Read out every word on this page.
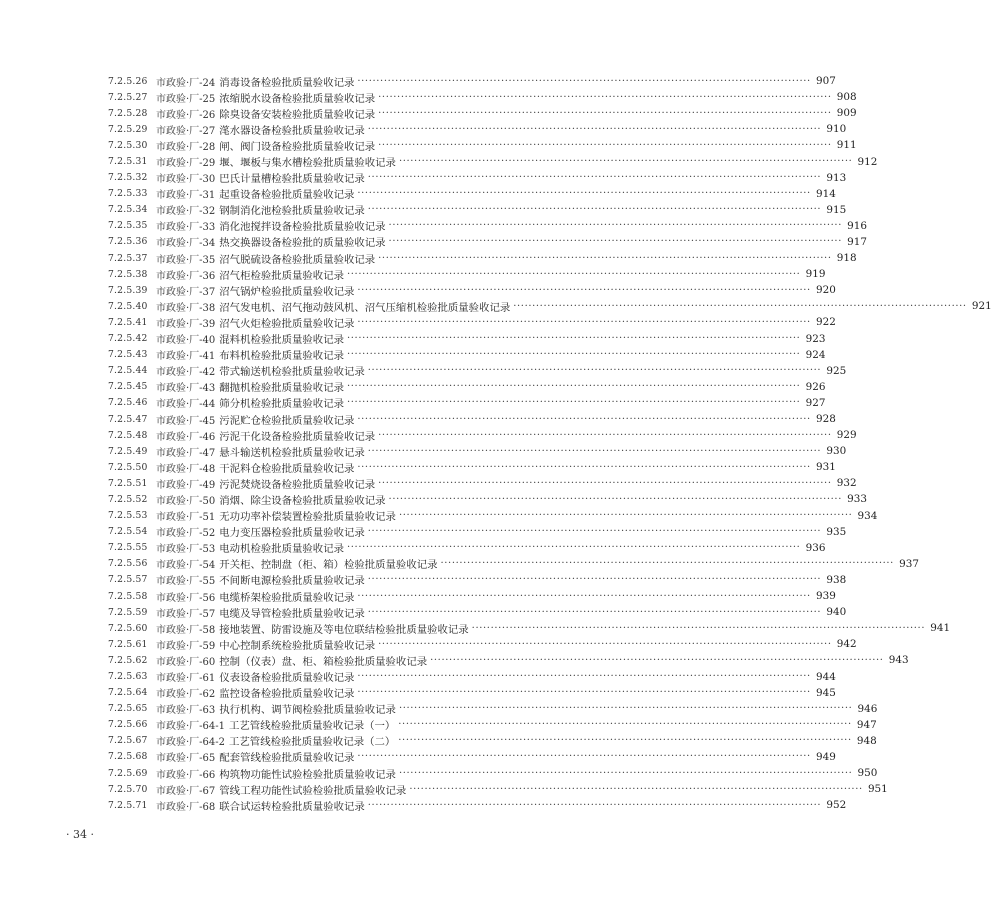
7.2.5.26 市政验·厂-24 消毒设备检验批质量验收记录 ························································································································ 907
7.2.5.27 市政验·厂-25 浓缩脱水设备检验批质量验收记录 ························································································································ 908
7.2.5.28 市政验·厂-26 除臭设备安装检验批质量验收记录 ························································································································ 909
7.2.5.29 市政验·厂-27 滗水器设备检验批质量验收记录 ························································································································ 910
7.2.5.30 市政验·厂-28 闸、阀门设备检验批质量验收记录 ························································································································ 911
7.2.5.31 市政验·厂-29 堰、堰板与集水槽检验批质量验收记录 ························································································································ 912
7.2.5.32 市政验·厂-30 巴氏计量槽检验批质量验收记录 ························································································································ 913
7.2.5.33 市政验·厂-31 起重设备检验批质量验收记录 ························································································································ 914
7.2.5.34 市政验·厂-32 钢制消化池检验批质量验收记录 ························································································································ 915
7.2.5.35 市政验·厂-33 消化池搅拌设备检验批质量验收记录 ························································································································ 916
7.2.5.36 市政验·厂-34 热交换器设备检验批的质量验收记录 ························································································································ 917
7.2.5.37 市政验·厂-35 沼气脱硫设备检验批质量验收记录 ························································································································ 918
7.2.5.38 市政验·厂-36 沼气柜检验批质量验收记录 ························································································································ 919
7.2.5.39 市政验·厂-37 沼气锅炉检验批质量验收记录 ························································································································ 920
7.2.5.40 市政验·厂-38 沼气发电机、沼气拖动鼓风机、沼气压缩机检验批质量验收记录 ························································································································ 921
7.2.5.41 市政验·厂-39 沼气火炬检验批质量验收记录 ························································································································ 922
7.2.5.42 市政验·厂-40 混料机检验批质量验收记录 ························································································································ 923
7.2.5.43 市政验·厂-41 布料机检验批质量验收记录 ························································································································ 924
7.2.5.44 市政验·厂-42 带式输送机检验批质量验收记录 ························································································································ 925
7.2.5.45 市政验·厂-43 翻抛机检验批质量验收记录 ························································································································ 926
7.2.5.46 市政验·厂-44 筛分机检验批质量验收记录 ························································································································ 927
7.2.5.47 市政验·厂-45 污泥贮仓检验批质量验收记录 ························································································································ 928
7.2.5.48 市政验·厂-46 污泥干化设备检验批质量验收记录 ························································································································ 929
7.2.5.49 市政验·厂-47 悬斗输送机检验批质量验收记录 ························································································································ 930
7.2.5.50 市政验·厂-48 干泥料仓检验批质量验收记录 ························································································································ 931
7.2.5.51 市政验·厂-49 污泥焚烧设备检验批质量验收记录 ························································································································ 932
7.2.5.52 市政验·厂-50 消烟、除尘设备检验批质量验收记录 ························································································································ 933
7.2.5.53 市政验·厂-51 无功功率补偿装置检验批质量验收记录 ························································································································ 934
7.2.5.54 市政验·厂-52 电力变压器检验批质量验收记录 ························································································································ 935
7.2.5.55 市政验·厂-53 电动机检验批质量验收记录 ························································································································ 936
7.2.5.56 市政验·厂-54 开关柜、控制盘（柜、箱）检验批质量验收记录 ························································································································ 937
7.2.5.57 市政验·厂-55 不间断电源检验批质量验收记录 ························································································································ 938
7.2.5.58 市政验·厂-56 电缆桥架检验批质量验收记录 ························································································································ 939
7.2.5.59 市政验·厂-57 电缆及导管检验批质量验收记录 ························································································································ 940
7.2.5.60 市政验·厂-58 接地装置、防雷设施及等电位联结检验批质量验收记录 ························································································································ 941
7.2.5.61 市政验·厂-59 中心控制系统检验批质量验收记录 ························································································································ 942
7.2.5.62 市政验·厂-60 控制（仪表）盘、柜、箱检验批质量验收记录 ························································································································ 943
7.2.5.63 市政验·厂-61 仪表设备检验批质量验收记录 ························································································································ 944
7.2.5.64 市政验·厂-62 监控设备检验批质量验收记录 ························································································································ 945
7.2.5.65 市政验·厂-63 执行机构、调节阀检验批质量验收记录 ························································································································ 946
7.2.5.66 市政验·厂-64-1 工艺管线检验批质量验收记录（一） ························································································································ 947
7.2.5.67 市政验·厂-64-2 工艺管线检验批质量验收记录（二） ························································································································ 948
7.2.5.68 市政验·厂-65 配套管线检验批质量验收记录 ························································································································ 949
7.2.5.69 市政验·厂-66 构筑物功能性试验检验批质量验收记录 ························································································································ 950
7.2.5.70 市政验·厂-67 管线工程功能性试验检验批质量验收记录 ························································································································ 951
7.2.5.71 市政验·厂-68 联合试运转检验批质量验收记录 ························································································································ 952
· 34 ·
